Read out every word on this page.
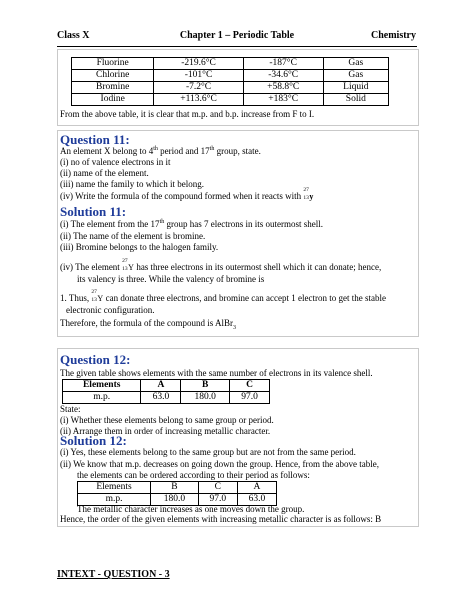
Class X	Chapter 1 – Periodic Table	Chemistry
Fluorine	-219.6°C	-187°C	Gas
Chlorine	-101°C	-34.6°C	Gas
Bromine	-7.2°C	+58.8°C	Liquid
Iodine	+113.6°C	+183°C	Solid
From the above table, it is clear that m.p. and b.p. increase from F to I.
Question 11:
An element X belong to 4th period and 17th group, state.
(i) no of valence electrons in it
(ii) name of the element.
(iii) name the family to which it belong.
(iv) Write the formula of the compound formed when it reacts with
27
13 y
Solution 11:
(i) The element from the 17th group has 7 electrons in its outermost shell.
(ii) The name of the element is bromine.
(iii) Bromine belongs to the halogen family.
(iv) The element
27
13 Y has three electrons in its outermost shell which it can donate; hence,
its valency is three. While the valency of bromine is
1. Thus,
27
13 Y can donate three electrons, and bromine can accept 1 electron to get the stable
electronic configuration.
Therefore, the formula of the compound is AlBr$_3$
Question 12:
The given table shows elements with the same number of electrons in its valence shell.
Elements	A	B	C
m.p.	63.0	180.0	97.0
State:
(i) Whether these elements belong to same group or period.
(ii) Arrange them in order of increasing metallic character.
Solution 12:
(i) Yes, these elements belong to the same group but are not from the same period.
(ii) We know that m.p. decreases on going down the group. Hence, from the above table,
the elements can be ordered according to their period as follows:
Elements	B	C	A
m.p.	180.0	97.0	63.0
The metallic character increases as one moves down the group.
Hence, the order of the given elements with increasing metallic character is as follows: B
INTEXT - QUESTION - 3
